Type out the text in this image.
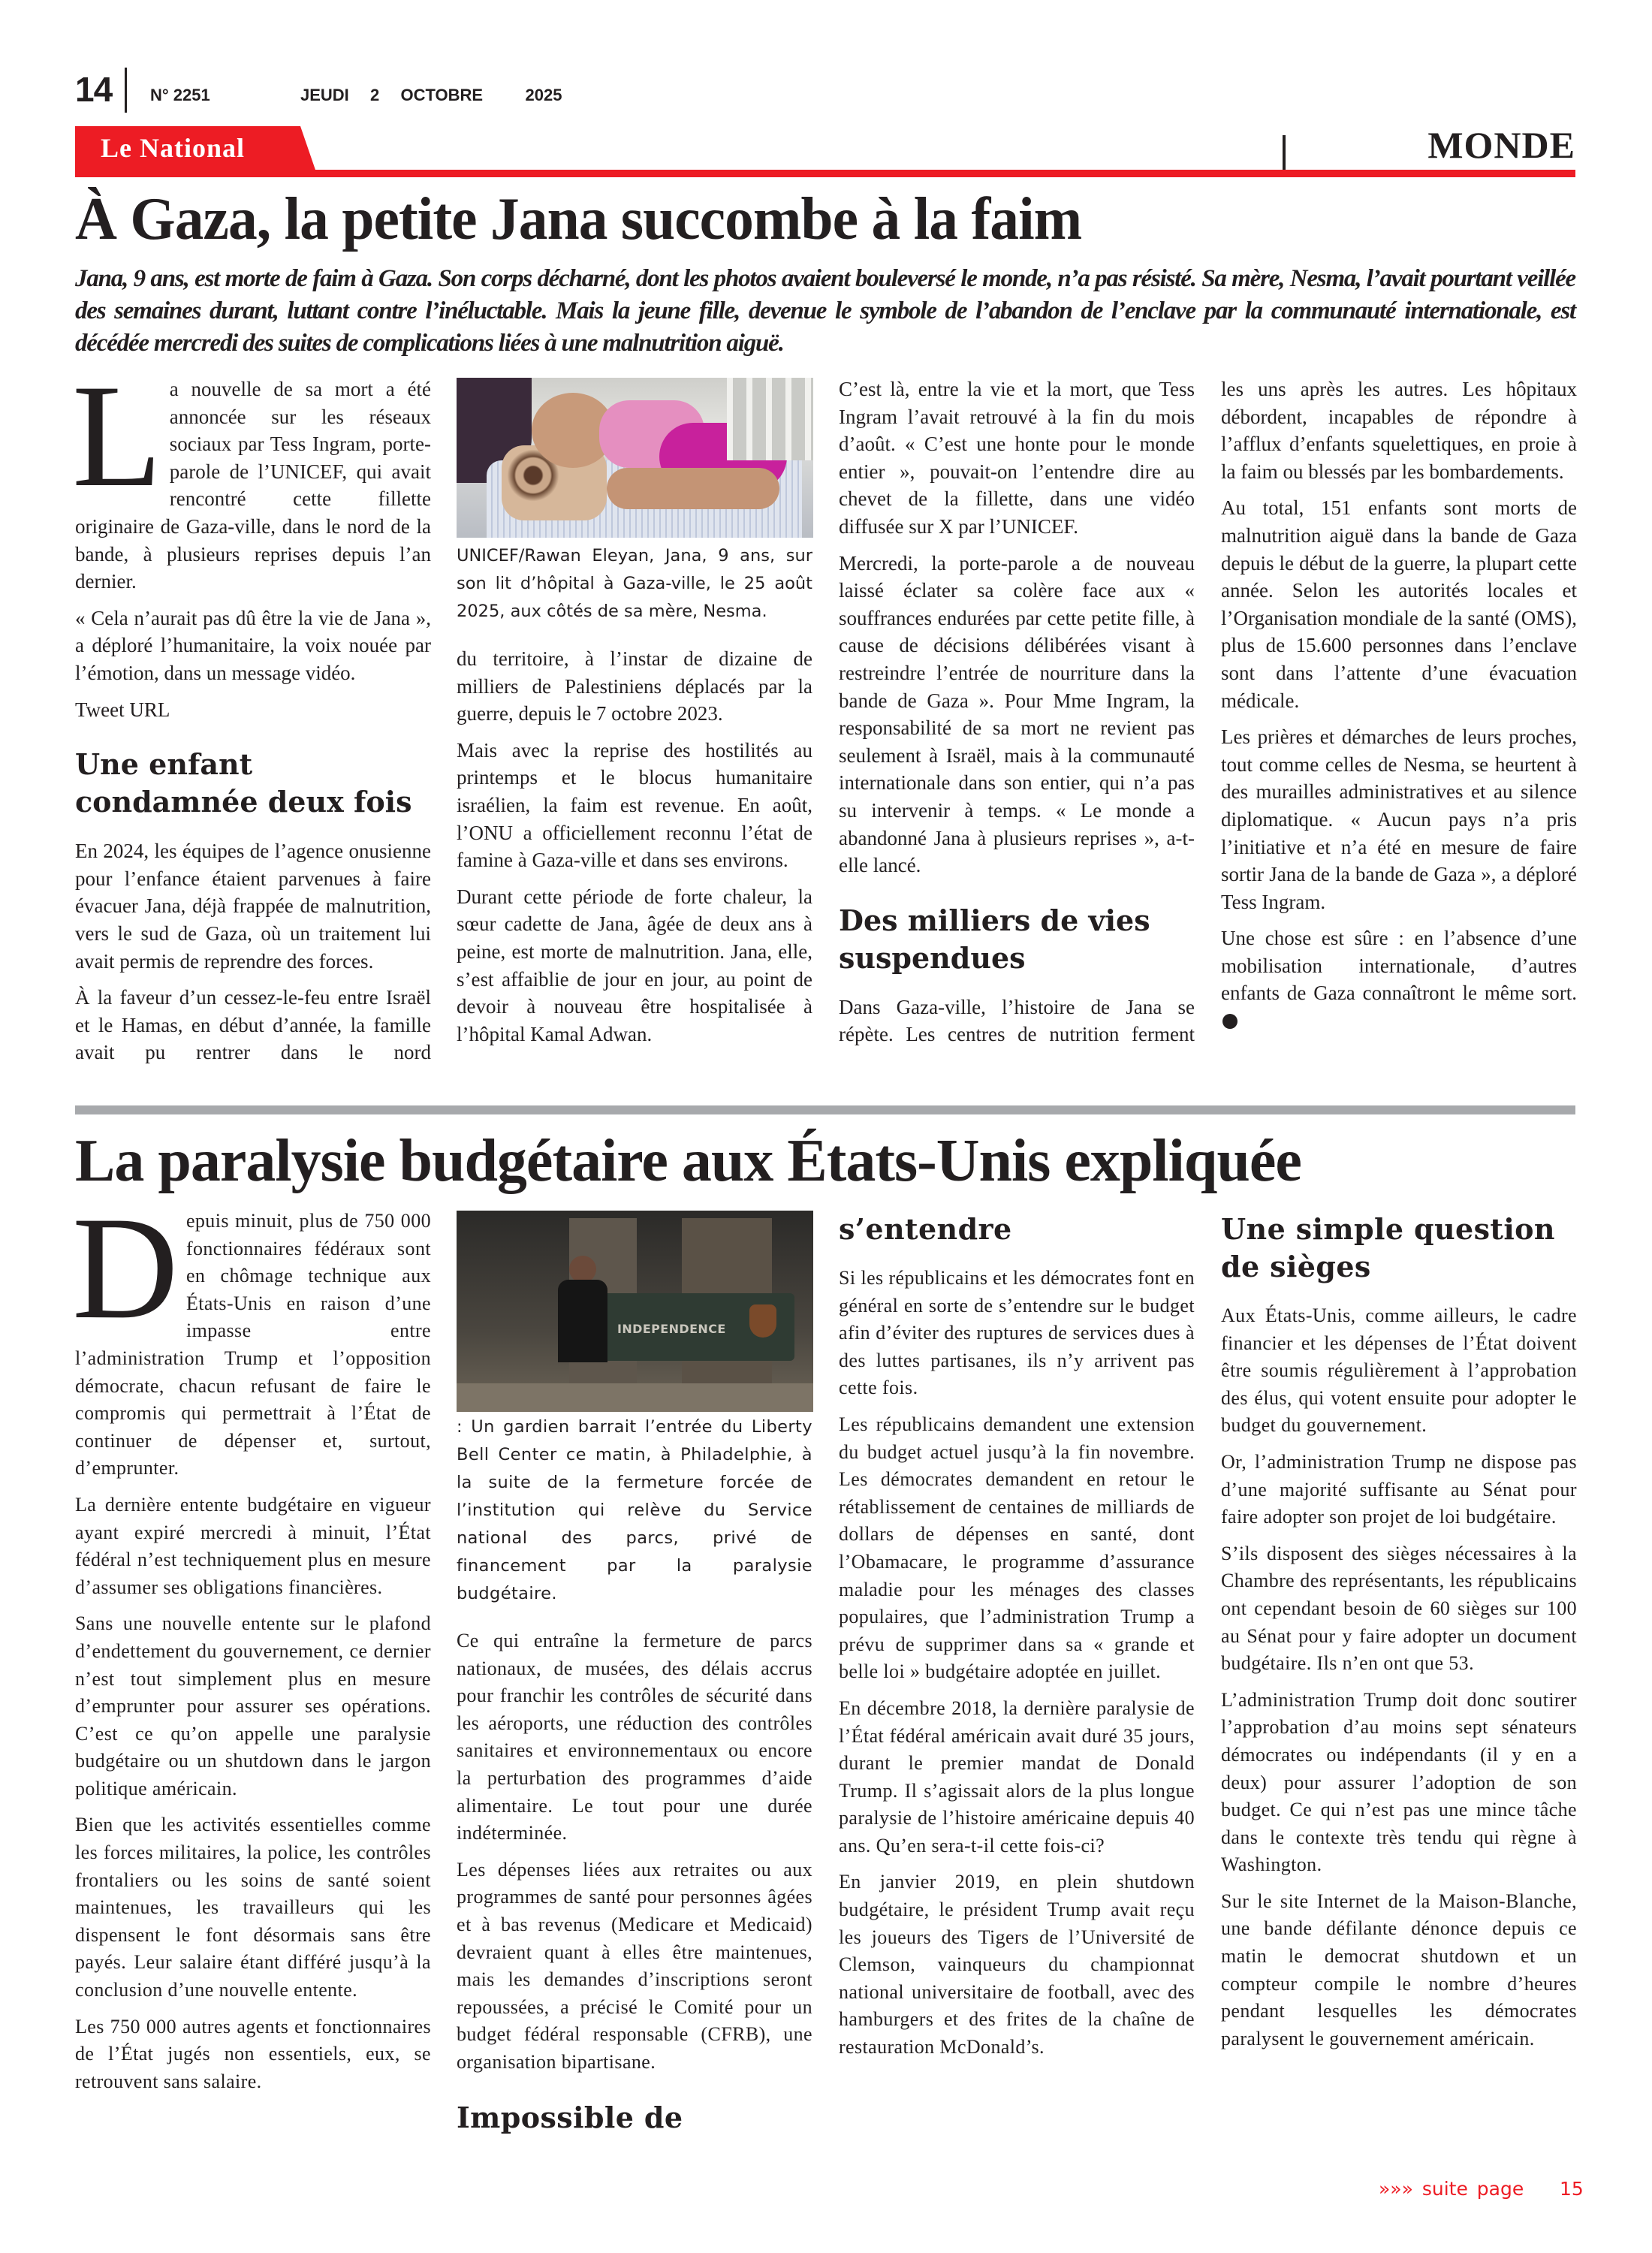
14 N° 2251	JEUDI  2  OCTOBRE    2025
Le National	MONDE
À Gaza, la petite Jana succombe à la faim
Jana, 9 ans, est morte de faim à Gaza. Son corps décharné, dont les photos avaient bouleversé le monde, n’a pas résisté. Sa mère, Nesma, l’avait pourtant veillée des semaines durant, luttant contre l’inéluctable. Mais la jeune fille, devenue le symbole de l’abandon de l’enclave par la communauté internationale, est décédée mercredi des suites de complications liées à une malnutrition aiguë.

La nouvelle de sa mort a été annoncée sur les réseaux sociaux par Tess Ingram, porte-parole de l’UNICEF, qui avait rencontré cette fillette originaire de Gaza-ville, dans le nord de la bande, à plusieurs reprises depuis l’an dernier.

« Cela n’aurait pas dû être la vie de Jana », a déploré l’humanitaire, la voix nouée par l’émotion, dans un message vidéo.

Tweet URL

Une enfant condamnée deux fois

En 2024, les équipes de l’agence onusienne pour l’enfance étaient parvenues à faire évacuer Jana, déjà frappée de malnutrition, vers le sud de Gaza, où un traitement lui avait permis de reprendre des forces.

À la faveur d’un cessez-le-feu entre Israël et le Hamas, en début d’année, la famille avait pu rentrer dans le nord

UNICEF/Rawan Eleyan, Jana, 9 ans, sur son lit d’hôpital à Gaza-ville, le 25 août 2025, aux côtés de sa mère, Nesma.

du territoire, à l’instar de dizaine de milliers de Palestiniens déplacés par la guerre, depuis le 7 octobre 2023.

Mais avec la reprise des hostilités au printemps et le blocus humanitaire israélien, la faim est revenue. En août, l’ONU a officiellement reconnu l’état de famine à Gaza-ville et dans ses environs.

Durant cette période de forte chaleur, la sœur cadette de Jana, âgée de deux ans à peine, est morte de malnutrition. Jana, elle, s’est affaiblie de jour en jour, au point de devoir à nouveau être hospitalisée à l’hôpital Kamal Adwan.

C’est là, entre la vie et la mort, que Tess Ingram l’avait retrouvé à la fin du mois d’août. « C’est une honte pour le monde entier », pouvait-on l’entendre dire au chevet de la fillette, dans une vidéo diffusée sur X par l’UNICEF.

Mercredi, la porte-parole a de nouveau laissé éclater sa colère face aux « souffrances endurées par cette petite fille, à cause de décisions délibérées visant à restreindre l’entrée de nourriture dans la bande de Gaza ». Pour Mme Ingram, la responsabilité de sa mort ne revient pas seulement à Israël, mais à la communauté internationale dans son entier, qui n’a pas su intervenir à temps. « Le monde a abandonné Jana à plusieurs reprises », a-t-elle lancé.

Des milliers de vies suspendues

Dans Gaza-ville, l’histoire de Jana se répète. Les centres de nutrition ferment

les uns après les autres. Les hôpitaux débordent, incapables de répondre à l’afflux d’enfants squelettiques, en proie à la faim ou blessés par les bombardements.

Au total, 151 enfants sont morts de malnutrition aiguë dans la bande de Gaza depuis le début de la guerre, la plupart cette année. Selon les autorités locales et l’Organisation mondiale de la santé (OMS), plus de 15.600 personnes dans l’enclave sont dans l’attente d’une évacuation médicale.

Les prières et démarches de leurs proches, tout comme celles de Nesma, se heurtent à des murailles administratives et au silence diplomatique. « Aucun pays n’a pris l’initiative et n’a été en mesure de faire sortir Jana de la bande de Gaza », a déploré Tess Ingram.

Une chose est sûre : en l’absence d’une mobilisation internationale, d’autres enfants de Gaza connaîtront le même sort.

La paralysie budgétaire aux États-Unis expliquée

Depuis minuit, plus de 750 000 fonctionnaires fédéraux sont en chômage technique aux États-Unis en raison d’une impasse entre l’administration Trump et l’opposition démocrate, chacun refusant de faire le compromis qui permettrait à l’État de continuer de dépenser et, surtout, d’emprunter.

La dernière entente budgétaire en vigueur ayant expiré mercredi à minuit, l’État fédéral n’est techniquement plus en mesure d’assumer ses obligations financières.

Sans une nouvelle entente sur le plafond d’endettement du gouvernement, ce dernier n’est tout simplement plus en mesure d’emprunter pour assurer ses opérations. C’est ce qu’on appelle une paralysie budgétaire ou un shutdown dans le jargon politique américain.

Bien que les activités essentielles comme les forces militaires, la police, les contrôles frontaliers ou les soins de santé soient maintenues, les travailleurs qui les dispensent le font désormais sans être payés. Leur salaire étant différé jusqu’à la conclusion d’une nouvelle entente.

Les 750 000 autres agents et fonctionnaires de l’État jugés non essentiels, eux, se retrouvent sans salaire.

INDEPENDENCE
: Un gardien barrait l’entrée du Liberty Bell Center ce matin, à Philadelphie, à la suite de la fermeture forcée de l’institution qui relève du Service national des parcs, privé de financement par la paralysie budgétaire.

Ce qui entraîne la fermeture de parcs nationaux, de musées, des délais accrus pour franchir les contrôles de sécurité dans les aéroports, une réduction des contrôles sanitaires et environnementaux ou encore la perturbation des programmes d’aide alimentaire. Le tout pour une durée indéterminée.

Les dépenses liées aux retraites ou aux programmes de santé pour personnes âgées et à bas revenus (Medicare et Medicaid) devraient quant à elles être maintenues, mais les demandes d’inscriptions seront repoussées, a précisé le Comité pour un budget fédéral responsable (CFRB), une organisation bipartisane.

Impossible de
s’entendre

Si les républicains et les démocrates font en général en sorte de s’entendre sur le budget afin d’éviter des ruptures de services dues à des luttes partisanes, ils n’y arrivent pas cette fois.

Les républicains demandent une extension du budget actuel jusqu’à la fin novembre. Les démocrates demandent en retour le rétablissement de centaines de milliards de dollars de dépenses en santé, dont l’Obamacare, le programme d’assurance maladie pour les ménages des classes populaires, que l’administration Trump a prévu de supprimer dans sa « grande et belle loi » budgétaire adoptée en juillet.

En décembre 2018, la dernière paralysie de l’État fédéral américain avait duré 35 jours, durant le premier mandat de Donald Trump. Il s’agissait alors de la plus longue paralysie de l’histoire américaine depuis 40 ans. Qu’en sera-t-il cette fois-ci?

En janvier 2019, en plein shutdown budgétaire, le président Trump avait reçu les joueurs des Tigers de l’Université de Clemson, vainqueurs du championnat national universitaire de football, avec des hamburgers et des frites de la chaîne de restauration McDonald’s.

Une simple question de sièges

Aux États-Unis, comme ailleurs, le cadre financier et les dépenses de l’État doivent être soumis régulièrement à l’approbation des élus, qui votent ensuite pour adopter le budget du gouvernement.

Or, l’administration Trump ne dispose pas d’une majorité suffisante au Sénat pour faire adopter son projet de loi budgétaire.

S’ils disposent des sièges nécessaires à la Chambre des représentants, les républicains ont cependant besoin de 60 sièges sur 100 au Sénat pour y faire adopter un document budgétaire. Ils n’en ont que 53.

L’administration Trump doit donc soutirer l’approbation d’au moins sept sénateurs démocrates ou indépendants (il y en a deux) pour assurer l’adoption de son budget. Ce qui n’est pas une mince tâche dans le contexte très tendu qui règne à Washington.

Sur le site Internet de la Maison-Blanche, une bande défilante dénonce depuis ce matin le democrat shutdown et un compteur compile le nombre d’heures pendant lesquelles les démocrates paralysent le gouvernement américain.

»»» suite page 15
